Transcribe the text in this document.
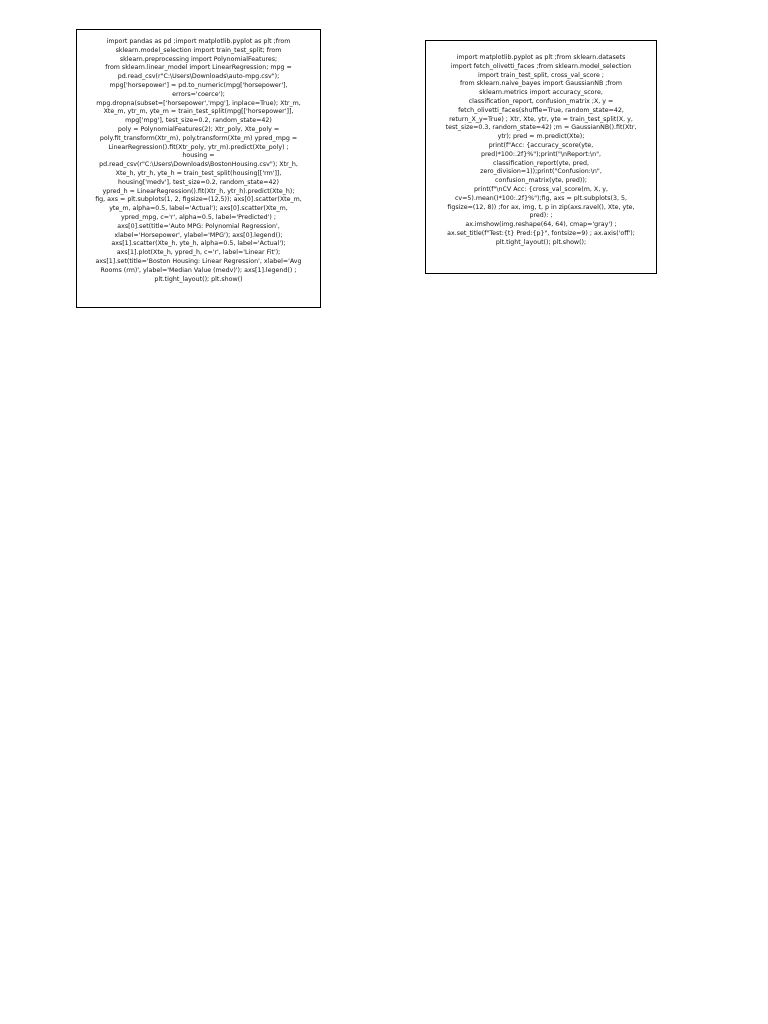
import pandas as pd ;import matplotlib.pyplot as plt ;from
sklearn.model_selection import train_test_split; from
sklearn.preprocessing import PolynomialFeatures;
from sklearn.linear_model import LinearRegression; mpg =
pd.read_csv(r"C:\Users\Downloads\auto-mpg.csv");
mpg['horsepower'] = pd.to_numeric(mpg['horsepower'],
errors='coerce');
mpg.dropna(subset=['horsepower','mpg'], inplace=True); Xtr_m,
Xte_m, ytr_m, yte_m = train_test_split(mpg[['horsepower']],
mpg['mpg'], test_size=0.2, random_state=42)
poly = PolynomialFeatures(2); Xtr_poly, Xte_poly =
poly.fit_transform(Xtr_m), poly.transform(Xte_m) ypred_mpg =
LinearRegression().fit(Xtr_poly, ytr_m).predict(Xte_poly) ;
housing =
pd.read_csv(r"C:\Users\Downloads\BostonHousing.csv"); Xtr_h,
Xte_h, ytr_h, yte_h = train_test_split(housing[['rm']],
housing['medv'], test_size=0.2, random_state=42)
ypred_h = LinearRegression().fit(Xtr_h, ytr_h).predict(Xte_h);
fig, axs = plt.subplots(1, 2, figsize=(12,5)); axs[0].scatter(Xte_m,
yte_m, alpha=0.5, label='Actual'); axs[0].scatter(Xte_m,
ypred_mpg, c='r', alpha=0.5, label='Predicted') ;
axs[0].set(title='Auto MPG: Polynomial Regression',
xlabel='Horsepower', ylabel='MPG'); axs[0].legend();
axs[1].scatter(Xte_h, yte_h, alpha=0.5, label='Actual');
axs[1].plot(Xte_h, ypred_h, c='r', label='Linear Fit');
axs[1].set(title='Boston Housing: Linear Regression', xlabel='Avg
Rooms (rm)', ylabel='Median Value (medv)'); axs[1].legend() ;
plt.tight_layout(); plt.show()
import matplotlib.pyplot as plt ;from sklearn.datasets
import fetch_olivetti_faces ;from sklearn.model_selection
import train_test_split, cross_val_score ;
from sklearn.naive_bayes import GaussianNB ;from
sklearn.metrics import accuracy_score,
classification_report, confusion_matrix ;X, y =
fetch_olivetti_faces(shuffle=True, random_state=42,
return_X_y=True) ; Xtr, Xte, ytr, yte = train_test_split(X, y,
test_size=0.3, random_state=42) ;m = GaussianNB().fit(Xtr,
ytr); pred = m.predict(Xte);
print(f"Acc: {accuracy_score(yte,
pred)*100:.2f}%");print("\nReport:\n",
classification_report(yte, pred,
zero_division=1));print("Confusion:\n",
confusion_matrix(yte, pred));
print(f"\nCV Acc: {cross_val_score(m, X, y,
cv=5).mean()*100:.2f}%");fig, axs = plt.subplots(3, 5,
figsize=(12, 8)) ;for ax, img, t, p in zip(axs.ravel(), Xte, yte,
pred): ;
ax.imshow(img.reshape(64, 64), cmap='gray') ;
ax.set_title(f"Test:{t} Pred:{p}", fontsize=9) ; ax.axis('off');
plt.tight_layout(); plt.show();
